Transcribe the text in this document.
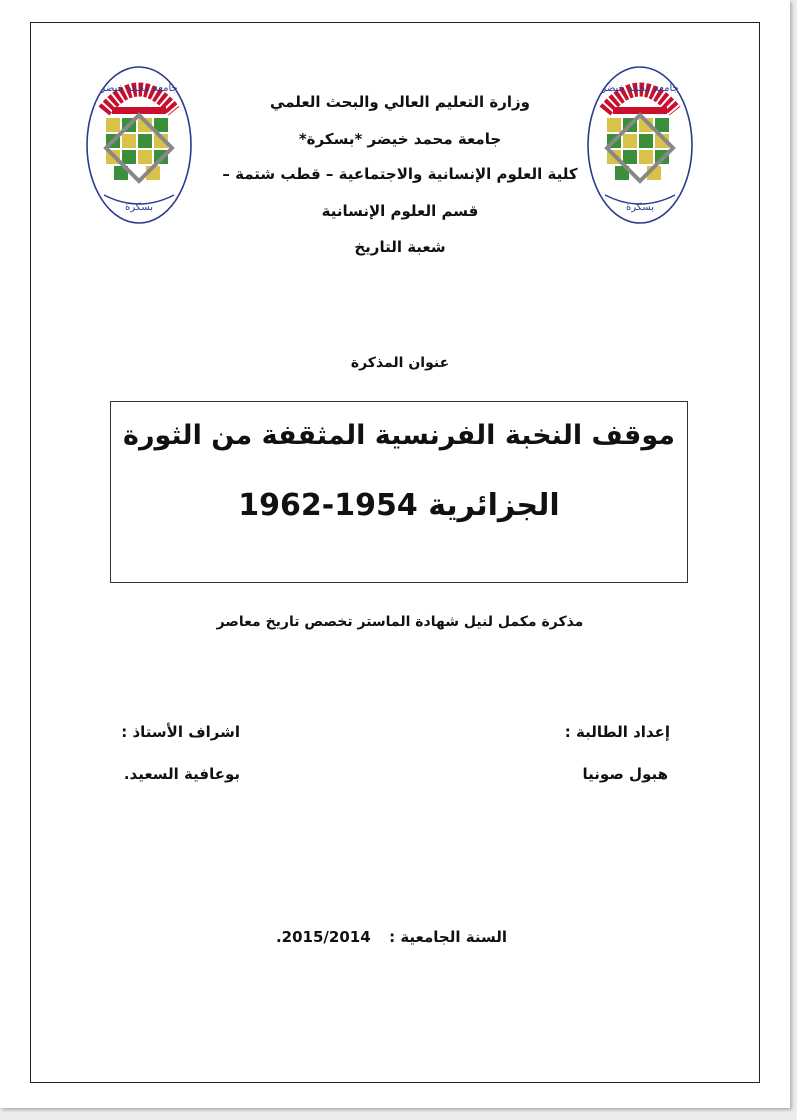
جامعة محمد خيضر
بسكرة
جامعة محمد خيضر
بسكرة
وزارة التعليم العالي والبحث العلمي
جامعة محمد خيضر *بسكرة*
كلية العلوم الإنسانية والاجتماعية – قطب شتمة –
قسم العلوم الإنسانية
شعبة التاريخ
عنوان المذكرة
موقف النخبة الفرنسية المثقفة من الثورة
الجزائرية 1954-1962
مذكرة مكمل لنيل شهادة الماستر تخصص تاريخ معاصر
إعداد الطالبة :
هبول صونيا
اشراف الأستاذ :
بوعافية السعيد.
السنة الجامعية :  2015/2014.
